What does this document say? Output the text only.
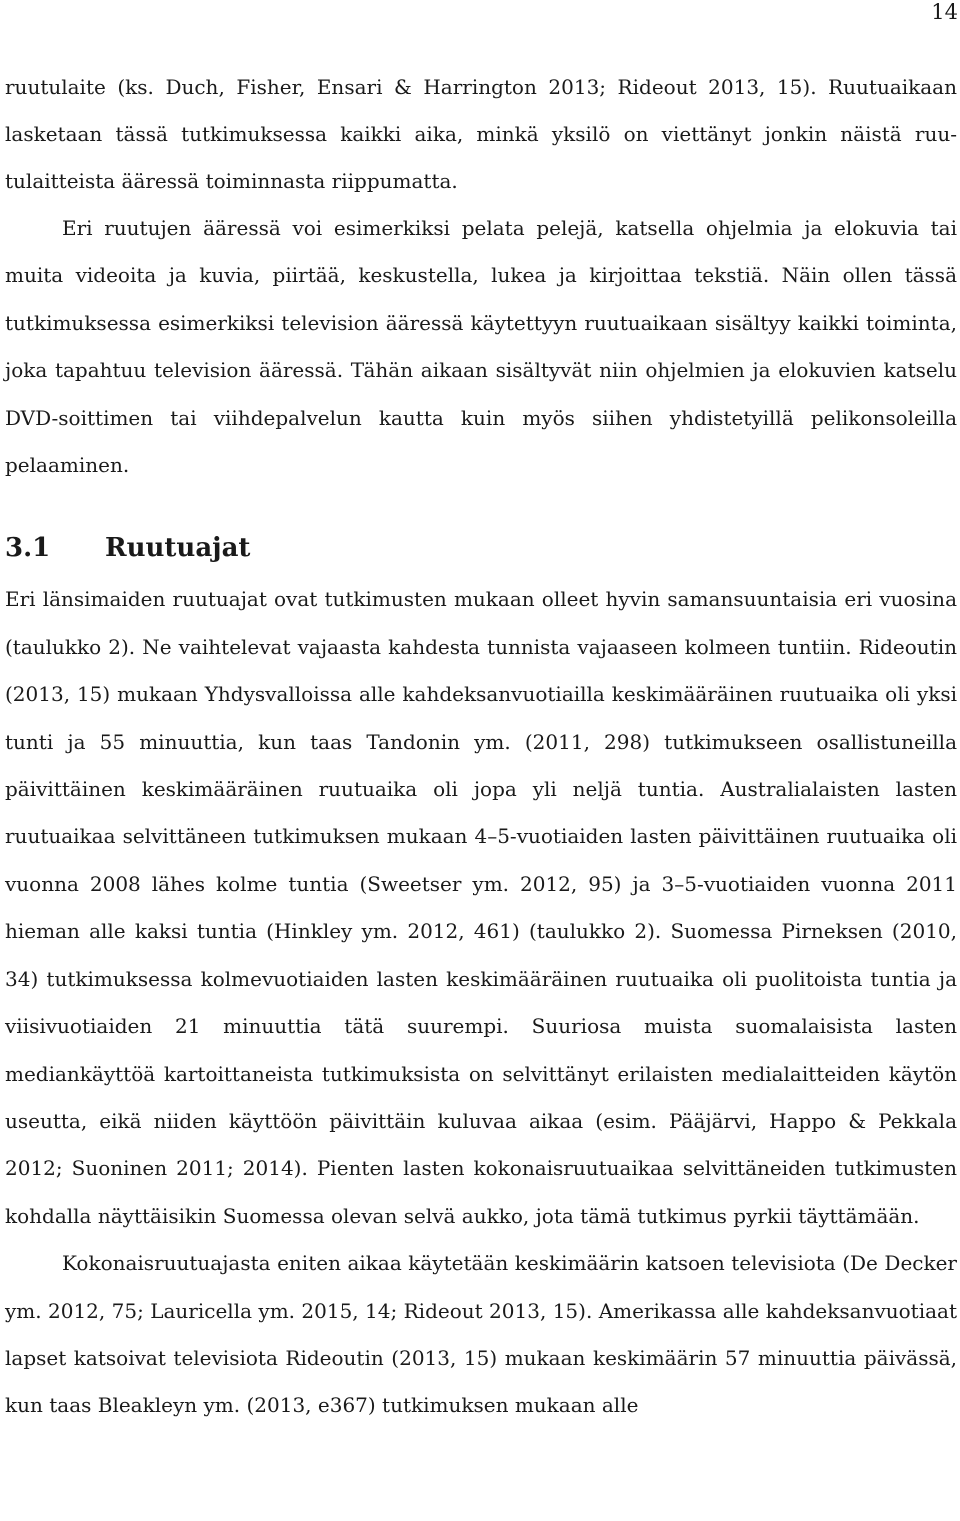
14

ruutulaite (ks. Duch, Fisher, Ensari & Harrington 2013; Rideout 2013, 15). Ruutuaikaan lasketaan tässä tutkimuksessa kaikki aika, minkä yksilö on viettänyt jonkin näistä ruutulaitteista ääressä toiminnasta riippumatta.

Eri ruutujen ääressä voi esimerkiksi pelata pelejä, katsella ohjelmia ja elokuvia tai muita videoita ja kuvia, piirtää, keskustella, lukea ja kirjoittaa tekstiä. Näin ollen tässä tutkimuksessa esimerkiksi television ääressä käytettyyn ruutuaikaan sisältyy kaikki toiminta, joka tapahtuu television ääressä. Tähän aikaan sisältyvät niin ohjelmien ja elokuvien katselu DVD-soittimen tai viihdepalvelun kautta kuin myös siihen yhdistetyillä pelikonsoleilla pelaaminen.

3.1	Ruutuajat

Eri länsimaiden ruutuajat ovat tutkimusten mukaan olleet hyvin samansuuntaisia eri vuosina (taulukko 2). Ne vaihtelevat vajaasta kahdesta tunnista vajaaseen kolmeen tuntiin. Rideoutin (2013, 15) mukaan Yhdysvalloissa alle kahdeksanvuotiailla keskimääräinen ruutuaika oli yksi tunti ja 55 minuuttia, kun taas Tandonin ym. (2011, 298) tutkimukseen osallistuneilla päivittäinen keskimääräinen ruutuaika oli jopa yli neljä tuntia. Australialaisten lasten ruutuaikaa selvittäneen tutkimuksen mukaan 4–5-vuotiaiden lasten päivittäinen ruutuaika oli vuonna 2008 lähes kolme tuntia (Sweetser ym. 2012, 95) ja 3–5-vuotiaiden vuonna 2011 hieman alle kaksi tuntia (Hinkley ym. 2012, 461) (taulukko 2). Suomessa Pirneksen (2010, 34) tutkimuksessa kolmevuotiaiden lasten keskimääräinen ruutuaika oli puolitoista tuntia ja viisivuotiaiden 21 minuuttia tätä suurempi. Suuriosa muista suomalaisista lasten mediankäyttöä kartoittaneista tutkimuksista on selvittänyt erilaisten medialaitteiden käytön useutta, eikä niiden käyttöön päivittäin kuluvaa aikaa (esim. Pääjärvi, Happo & Pekkala 2012; Suoninen 2011; 2014). Pienten lasten kokonaisruutuaikaa selvittäneiden tutkimusten kohdalla näyttäisikin Suomessa olevan selvä aukko, jota tämä tutkimus pyrkii täyttämään.

Kokonaisruutuajasta eniten aikaa käytetään keskimäärin katsoen televisiota (De Decker ym. 2012, 75; Lauricella ym. 2015, 14; Rideout 2013, 15). Amerikassa alle kahdeksanvuotiaat lapset katsoivat televisiota Rideoutin (2013, 15) mukaan keskimäärin 57 minuuttia päivässä, kun taas Bleakleyn ym. (2013, e367) tutkimuksen mukaan alle
